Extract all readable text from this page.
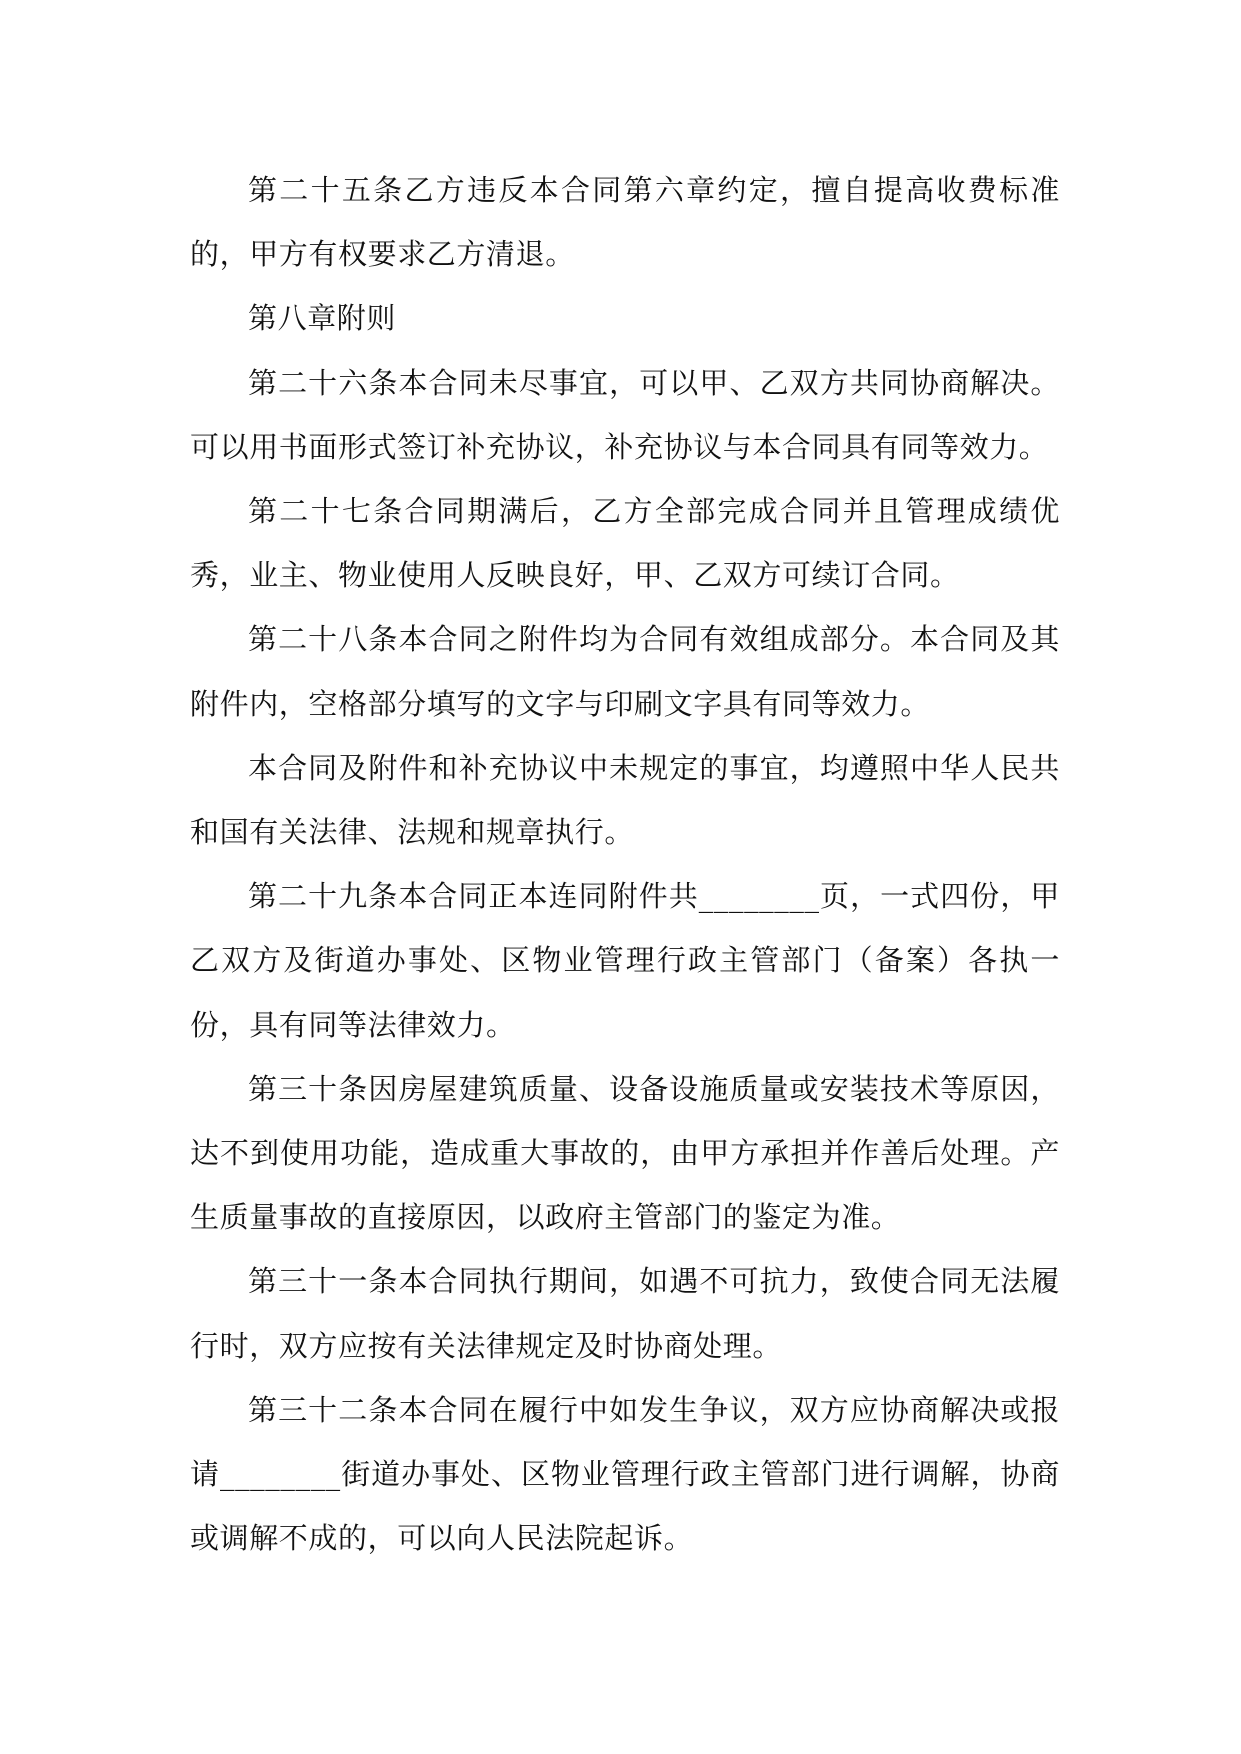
第二十五条乙方违反本合同第六章约定，擅自提高收费标准的，甲方有权要求乙方清退。

第八章附则

第二十六条本合同未尽事宜，可以甲、乙双方共同协商解决。可以用书面形式签订补充协议，补充协议与本合同具有同等效力。

第二十七条合同期满后，乙方全部完成合同并且管理成绩优秀，业主、物业使用人反映良好，甲、乙双方可续订合同。

第二十八条本合同之附件均为合同有效组成部分。本合同及其附件内，空格部分填写的文字与印刷文字具有同等效力。

本合同及附件和补充协议中未规定的事宜，均遵照中华人民共和国有关法律、法规和规章执行。

第二十九条本合同正本连同附件共________页，一式四份，甲乙双方及街道办事处、区物业管理行政主管部门（备案）各执一份，具有同等法律效力。

第三十条因房屋建筑质量、设备设施质量或安装技术等原因，达不到使用功能，造成重大事故的，由甲方承担并作善后处理。产生质量事故的直接原因，以政府主管部门的鉴定为准。

第三十一条本合同执行期间，如遇不可抗力，致使合同无法履行时，双方应按有关法律规定及时协商处理。

第三十二条本合同在履行中如发生争议，双方应协商解决或报请________街道办事处、区物业管理行政主管部门进行调解，协商或调解不成的，可以向人民法院起诉。
